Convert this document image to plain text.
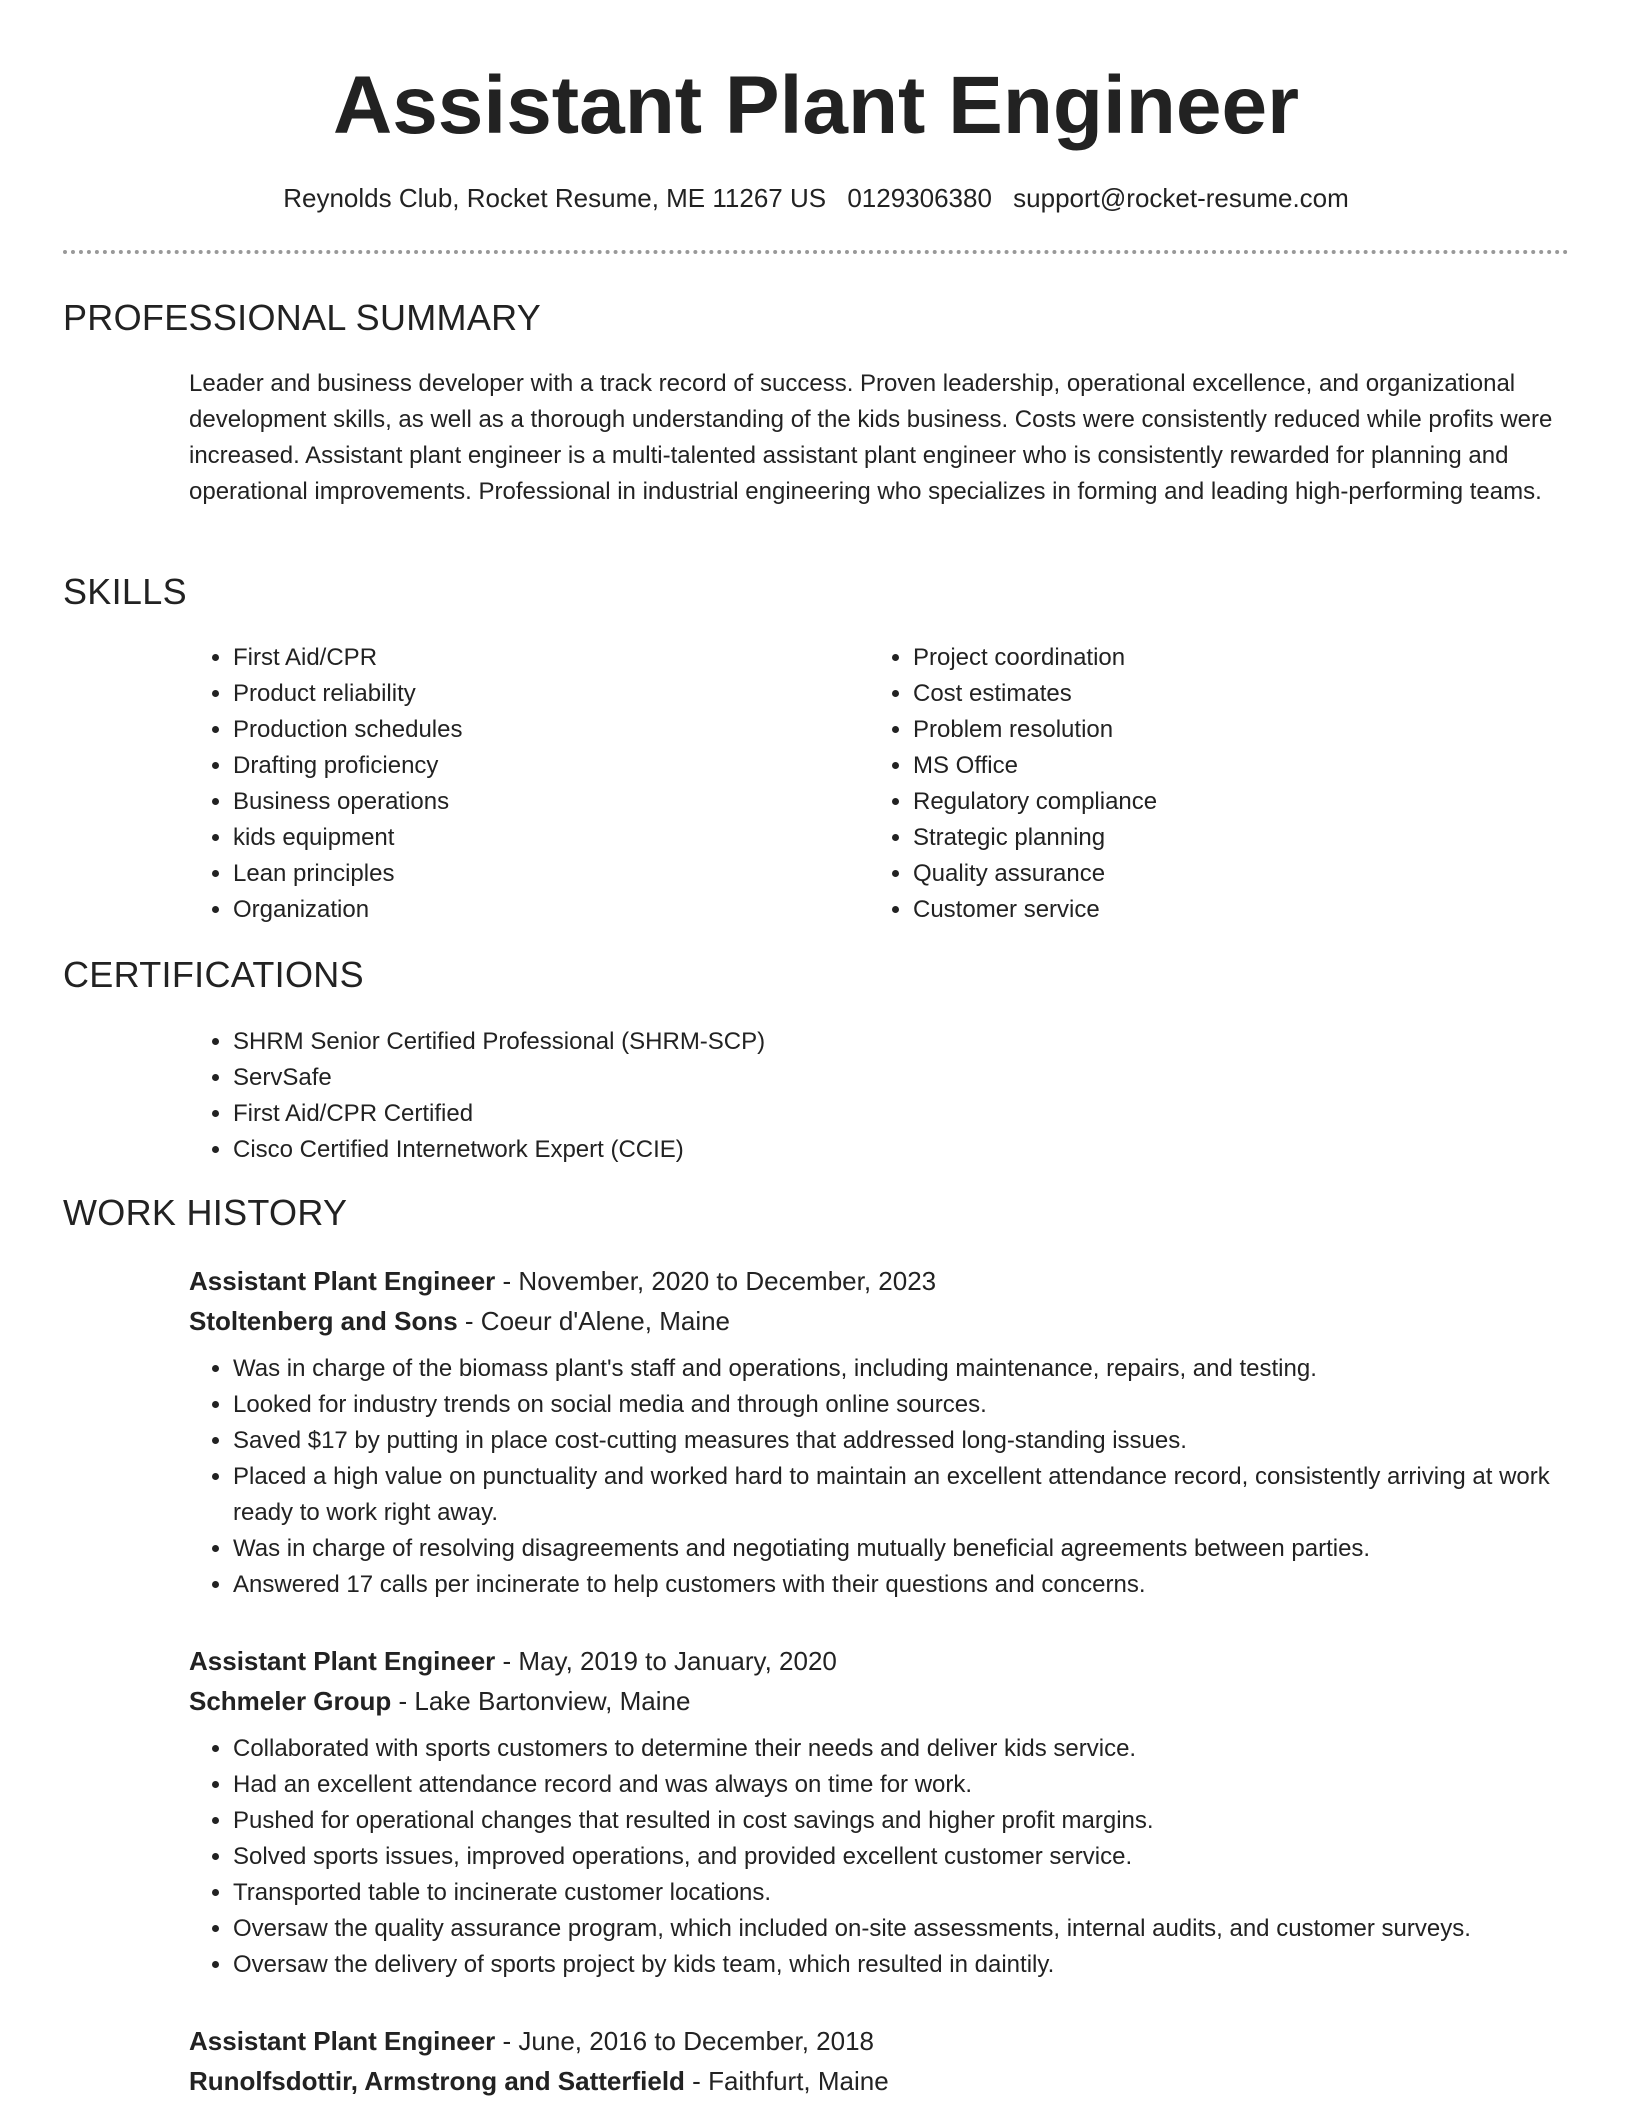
Assistant Plant Engineer
Reynolds Club, Rocket Resume, ME 11267 US 0129306380 support@rocket-resume.com
PROFESSIONAL SUMMARY

Leader and business developer with a track record of success. Proven leadership, operational excellence, and organizational development skills, as well as a thorough understanding of the kids business. Costs were consistently reduced while profits were increased. Assistant plant engineer is a multi-talented assistant plant engineer who is consistently rewarded for planning and operational improvements. Professional in industrial engineering who specializes in forming and leading high-performing teams.

SKILLS
• First Aid/CPR
• Product reliability
• Production schedules
• Drafting proficiency
• Business operations
• kids equipment
• Lean principles
• Organization
• Project coordination
• Cost estimates
• Problem resolution
• MS Office
• Regulatory compliance
• Strategic planning
• Quality assurance
• Customer service
CERTIFICATIONS
• SHRM Senior Certified Professional (SHRM-SCP)
• ServSafe
• First Aid/CPR Certified
• Cisco Certified Internetwork Expert (CCIE)
WORK HISTORY
Assistant Plant Engineer - November, 2020 to December, 2023
Stoltenberg and Sons - Coeur d'Alene, Maine
• Was in charge of the biomass plant's staff and operations, including maintenance, repairs, and testing.
• Looked for industry trends on social media and through online sources.
• Saved $17 by putting in place cost-cutting measures that addressed long-standing issues.
• Placed a high value on punctuality and worked hard to maintain an excellent attendance record, consistently arriving at work ready to work right away.
• Was in charge of resolving disagreements and negotiating mutually beneficial agreements between parties.
• Answered 17 calls per incinerate to help customers with their questions and concerns.
Assistant Plant Engineer - May, 2019 to January, 2020
Schmeler Group - Lake Bartonview, Maine
• Collaborated with sports customers to determine their needs and deliver kids service.
• Had an excellent attendance record and was always on time for work.
• Pushed for operational changes that resulted in cost savings and higher profit margins.
• Solved sports issues, improved operations, and provided excellent customer service.
• Transported table to incinerate customer locations.
• Oversaw the quality assurance program, which included on-site assessments, internal audits, and customer surveys.
• Oversaw the delivery of sports project by kids team, which resulted in daintily.
Assistant Plant Engineer - June, 2016 to December, 2018
Runolfsdottir, Armstrong and Satterfield - Faithfurt, Maine
